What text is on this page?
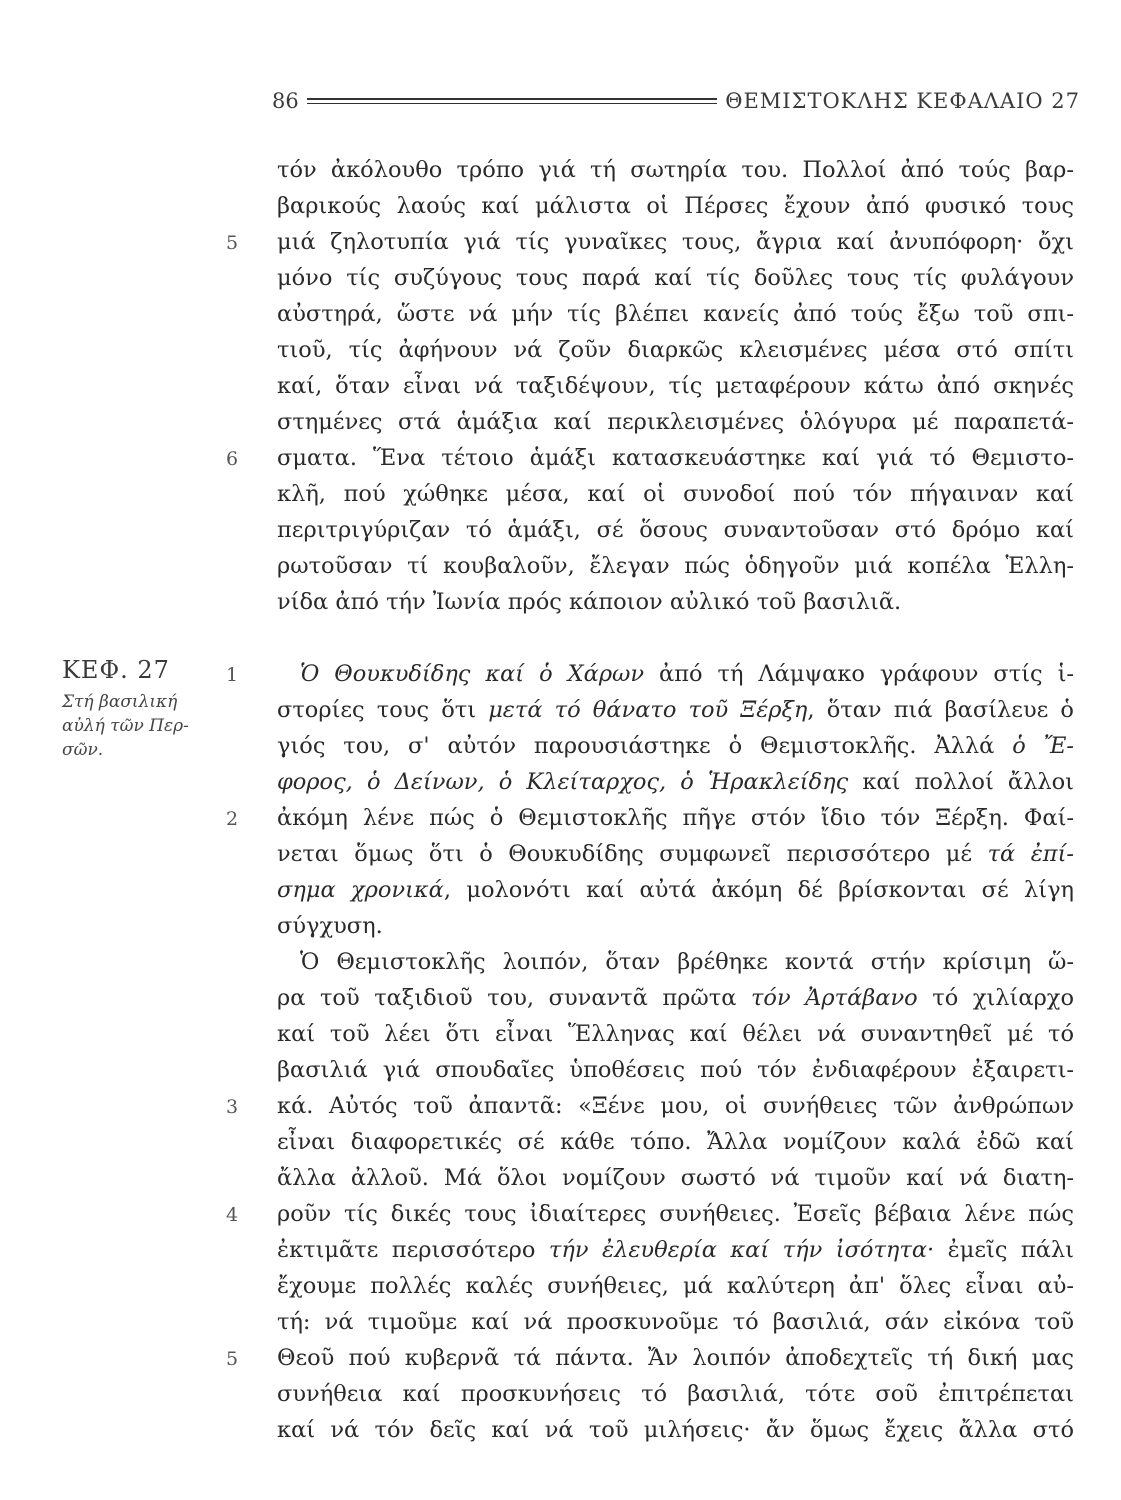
86	ΘΕΜΙΣΤΟΚΛΗΣ ΚΕΦΑΛΑΙΟ 27
ΚΕΦ. 27
Στή βασιλική
αὐλή τῶν Περ-
σῶν.
5
6
1
2
3
4
5
τόν ἀκόλουθο τρόπο γιά τή σωτηρία του. Πολλοί ἀπό τούς βαρ-
βαρικούς λαούς καί μάλιστα οἱ Πέρσες ἔχουν ἀπό φυσικό τους
μιά ζηλοτυπία γιά τίς γυναῖκες τους, ἄγρια καί ἀνυπόφορη· ὄχι
μόνο τίς συζύγους τους παρά καί τίς δοῦλες τους τίς φυλάγουν
αὐστηρά, ὥστε νά μήν τίς βλέπει κανείς ἀπό τούς ἔξω τοῦ σπι-
τιοῦ, τίς ἀφήνουν νά ζοῦν διαρκῶς κλεισμένες μέσα στό σπίτι
καί, ὅταν εἶναι νά ταξιδέψουν, τίς μεταφέρουν κάτω ἀπό σκηνές
στημένες στά ἁμάξια καί περικλεισμένες ὁλόγυρα μέ παραπετά-
σματα. Ἕνα τέτοιο ἁμάξι κατασκευάστηκε καί γιά τό Θεμιστο-
κλῆ, πού χώθηκε μέσα, καί οἱ συνοδοί πού τόν πήγαιναν καί
περιτριγύριζαν τό ἁμάξι, σέ ὅσους συναντοῦσαν στό δρόμο καί
ρωτοῦσαν τί κουβαλοῦν, ἔλεγαν πώς ὁδηγοῦν μιά κοπέλα Ἑλλη-
νίδα ἀπό τήν Ἰωνία πρός κάποιον αὐλικό τοῦ βασιλιᾶ.
Ὁ Θουκυδίδης καί ὁ Χάρων ἀπό τή Λάμψακο γράφουν στίς ἱ-
στορίες τους ὅτι μετά τό θάνατο τοῦ Ξέρξη, ὅταν πιά βασίλευε ὁ
γιός του, σ' αὐτόν παρουσιάστηκε ὁ Θεμιστοκλῆς. Ἀλλά ὁ Ἔ-
φορος, ὁ Δείνων, ὁ Κλείταρχος, ὁ Ἡρακλείδης καί πολλοί ἄλλοι
ἀκόμη λένε πώς ὁ Θεμιστοκλῆς πῆγε στόν ἴδιο τόν Ξέρξη. Φαί-
νεται ὅμως ὅτι ὁ Θουκυδίδης συμφωνεῖ περισσότερο μέ τά ἐπί-
σημα χρονικά, μολονότι καί αὐτά ἀκόμη δέ βρίσκονται σέ λίγη
σύγχυση.
Ὁ Θεμιστοκλῆς λοιπόν, ὅταν βρέθηκε κοντά στήν κρίσιμη ὥ-
ρα τοῦ ταξιδιοῦ του, συναντᾶ πρῶτα τόν Ἀρτάβανο τό χιλίαρχο
καί τοῦ λέει ὅτι εἶναι Ἕλληνας καί θέλει νά συναντηθεῖ μέ τό
βασιλιά γιά σπουδαῖες ὑποθέσεις πού τόν ἐνδιαφέρουν ἐξαιρετι-
κά. Αὐτός τοῦ ἀπαντᾶ: «Ξένε μου, οἱ συνήθειες τῶν ἀνθρώπων
εἶναι διαφορετικές σέ κάθε τόπο. Ἄλλα νομίζουν καλά ἐδῶ καί
ἄλλα ἀλλοῦ. Μά ὅλοι νομίζουν σωστό νά τιμοῦν καί νά διατη-
ροῦν τίς δικές τους ἰδιαίτερες συνήθειες. Ἐσεῖς βέβαια λένε πώς
ἐκτιμᾶτε περισσότερο τήν ἐλευθερία καί τήν ἰσότητα· ἐμεῖς πάλι
ἔχουμε πολλές καλές συνήθειες, μά καλύτερη ἀπ' ὅλες εἶναι αὐ-
τή: νά τιμοῦμε καί νά προσκυνοῦμε τό βασιλιά, σάν εἰκόνα τοῦ
Θεοῦ πού κυβερνᾶ τά πάντα. Ἄν λοιπόν ἀποδεχτεῖς τή δική μας
συνήθεια καί προσκυνήσεις τό βασιλιά, τότε σοῦ ἐπιτρέπεται
καί νά τόν δεῖς καί νά τοῦ μιλήσεις· ἄν ὅμως ἔχεις ἄλλα στό
